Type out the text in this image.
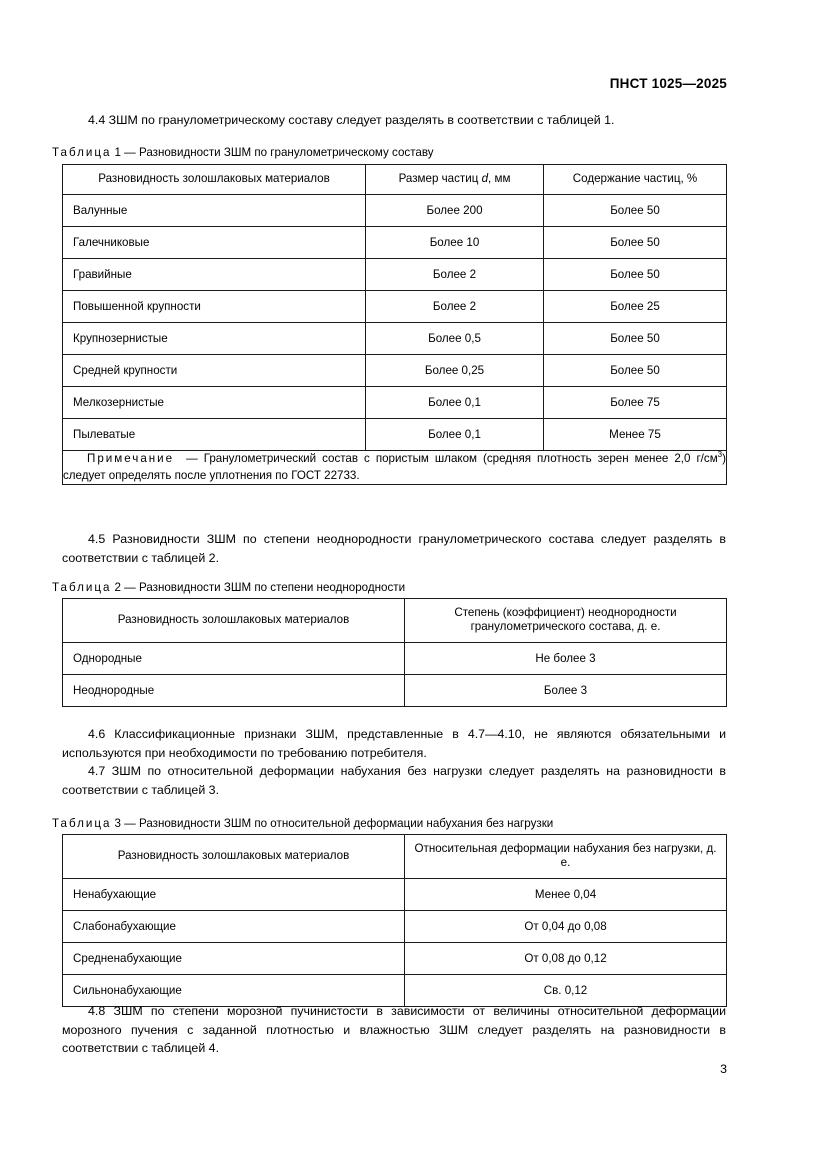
ПНСТ 1025—2025

4.4 ЗШМ по гранулометрическому составу следует разделять в соответствии с таблицей 1.

Таблица 1 — Разновидности ЗШМ по гранулометрическому составу
Разновидность золошлаковых материалов	Размер частиц d, мм	Содержание частиц, %
Валунные	Более 200	Более 50
Галечниковые	Более 10	Более 50
Гравийные	Более 2	Более 50
Повышенной крупности	Более 2	Более 25
Крупнозернистые	Более 0,5	Более 50
Средней крупности	Более 0,25	Более 50
Мелкозернистые	Более 0,1	Более 75
Пылеватые	Более 0,1	Менее 75
Примечание — Гранулометрический состав с пористым шлаком (средняя плотность зерен менее 2,0 $г/см^3$) следует определять после уплотнения по ГОСТ 22733.		

4.5 Разновидности ЗШМ по степени неоднородности гранулометрического состава следует разделять в соответствии с таблицей 2.

Таблица 2 — Разновидности ЗШМ по степени неоднородности
Разновидность золошлаковых материалов	Степень (коэффициент) неоднородности
гранулометрического состава, д. е.
Однородные	Не более 3
Неоднородные	Более 3

4.6 Классификационные признаки ЗШМ, представленные в 4.7—4.10, не являются обязательными и используются при необходимости по требованию потребителя.

4.7 ЗШМ по относительной деформации набухания без нагрузки следует разделять на разновидности в соответствии с таблицей 3.

Таблица 3 — Разновидности ЗШМ по относительной деформации набухания без нагрузки
Разновидность золошлаковых материалов	Относительная деформации набухания без нагрузки, д. е.
Ненабухающие	Менее 0,04
Слабонабухающие	От 0,04 до 0,08
Средненабухающие	От 0,08 до 0,12
Сильнонабухающие	Св. 0,12

4.8 ЗШМ по степени морозной пучинистости в зависимости от величины относительной деформации морозного пучения с заданной плотностью и влажностью ЗШМ следует разделять на разновидности в соответствии с таблицей 4.

3
